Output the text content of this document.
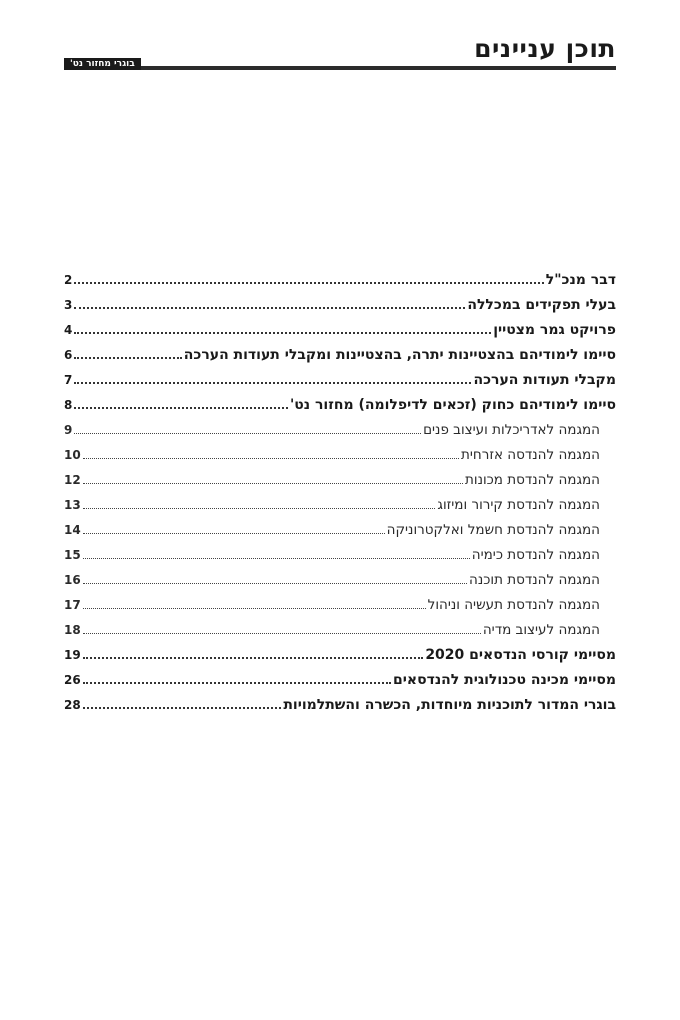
תוכן עניינים
בוגרי מחזור נט'
דבר מנכ"ל
2
בעלי תפקידים במכללה
3
פרויקט גמר מצטיין
4
סיימו לימודיהם בהצטיינות יתרה, בהצטיינות ומקבלי תעודות הערכה
6
מקבלי תעודות הערכה
7
סיימו לימודיהם כחוק (זכאים לדיפלומה) מחזור נט'
8
המגמה לאדריכלות ועיצוב פנים
9
המגמה להנדסה אזרחית
10
המגמה להנדסת מכונות
12
המגמה להנדסת קירור ומיזוג
13
המגמה להנדסת חשמל ואלקטרוניקה
14
המגמה להנדסת כימיה
15
המגמה להנדסת תוכנה
16
המגמה להנדסת תעשיה וניהול
17
המגמה לעיצוב מדיה
18
מסיימי קורסי הנדסאים 2020
19
מסיימי מכינה טכנולוגית להנדסאים
26
בוגרי המדור לתוכניות מיוחדות, הכשרה והשתלמויות
28
